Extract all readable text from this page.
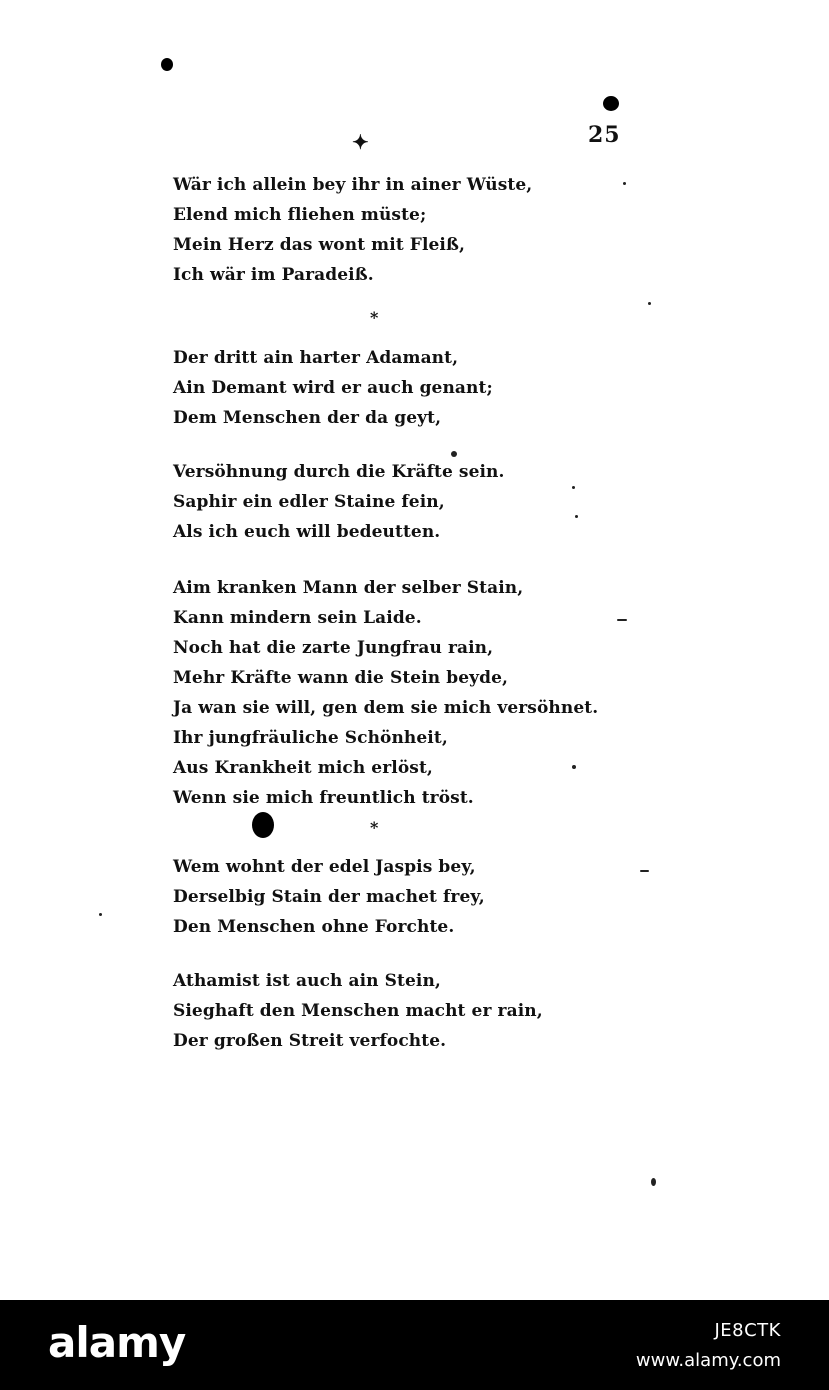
✦	25
Wär ich allein bey ihr in ainer Wüste,
Elend mich fliehen müste;
Mein Herz das wont mit Fleiß,
Ich wär im Paradeiß.
*
Der dritt ain harter Adamant,
Ain Demant wird er auch genant;
Dem Menschen der da geyt,
Versöhnung durch die Kräfte sein.
Saphir ein edler Staine fein,
Als ich euch will bedeutten.
Aim kranken Mann der selber Stain,
Kann mindern sein Laide.
Noch hat die zarte Jungfrau rain,
Mehr Kräfte wann die Stein beyde,
Ja wan sie will, gen dem sie mich versöhnet.
Ihr jungfräuliche Schönheit,
Aus Krankheit mich erlöst,
Wenn sie mich freuntlich tröst.
*
Wem wohnt der edel Jaspis bey,
Derselbig Stain der machet frey,
Den Menschen ohne Forchte.
Athamist ist auch ain Stein,
Sieghaft den Menschen macht er rain,
Der großen Streit verfochte.
alamy	JE8CTK
www.alamy.com
